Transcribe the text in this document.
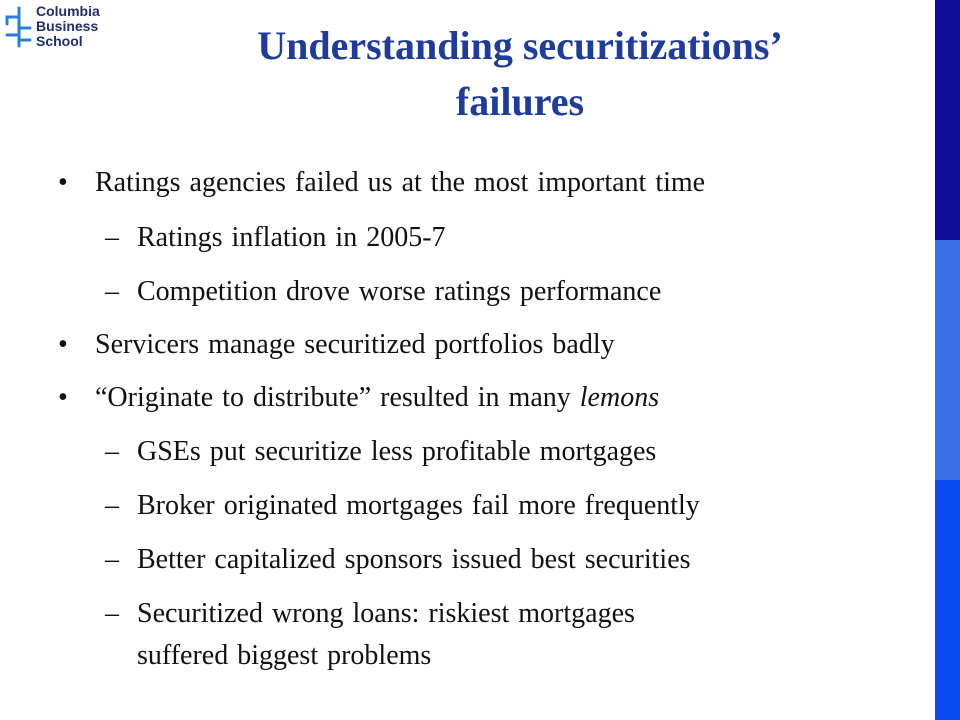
Columbia
Business
School	Understanding securitizations’
failures
• Ratings agencies failed us at the most important time
– Ratings inflation in 2005-7
– Competition drove worse ratings performance
• Servicers manage securitized portfolios badly
• “Originate to distribute” resulted in many lemons
– GSEs put securitize less profitable mortgages
– Broker originated mortgages fail more frequently
– Better capitalized sponsors issued best securities
– Securitized wrong loans: riskiest mortgages
suffered biggest problems
